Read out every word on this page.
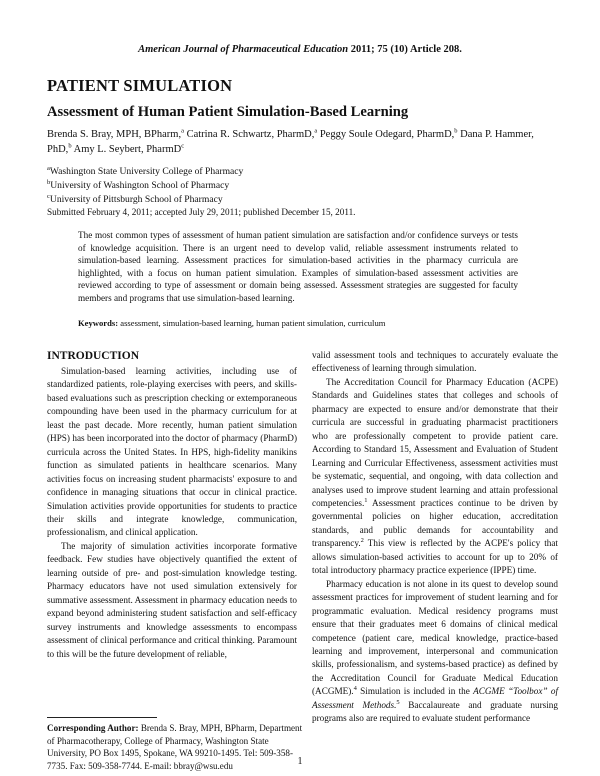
American Journal of Pharmaceutical Education 2011; 75 (10) Article 208.
PATIENT SIMULATION
Assessment of Human Patient Simulation-Based Learning
Brenda S. Bray, MPH, BPharm,$^a$ Catrina R. Schwartz, PharmD,$^a$ Peggy Soule Odegard, PharmD,$^b$ Dana P. Hammer, PhD,$^b$ Amy L. Seybert, PharmD$^c$
$^a$Washington State University College of Pharmacy
$^b$University of Washington School of Pharmacy
$^c$University of Pittsburgh School of Pharmacy
Submitted February 4, 2011; accepted July 29, 2011; published December 15, 2011.
The most common types of assessment of human patient simulation are satisfaction and/or confidence surveys or tests of knowledge acquisition. There is an urgent need to develop valid, reliable assessment instruments related to simulation-based learning. Assessment practices for simulation-based activities in the pharmacy curricula are highlighted, with a focus on human patient simulation. Examples of simulation-based assessment activities are reviewed according to type of assessment or domain being assessed. Assessment strategies are suggested for faculty members and programs that use simulation-based learning.
Keywords: assessment, simulation-based learning, human patient simulation, curriculum
INTRODUCTION

Simulation-based learning activities, including use of standardized patients, role-playing exercises with peers, and skills-based evaluations such as prescription checking or extemporaneous compounding have been used in the pharmacy curriculum for at least the past decade. More recently, human patient simulation (HPS) has been incorporated into the doctor of pharmacy (PharmD) curricula across the United States. In HPS, high-fidelity manikins function as simulated patients in healthcare scenarios. Many activities focus on increasing student pharmacists' exposure to and confidence in managing situations that occur in clinical practice. Simulation activities provide opportunities for students to practice their skills and integrate knowledge, communication, professionalism, and clinical application.

The majority of simulation activities incorporate formative feedback. Few studies have objectively quantified the extent of learning outside of pre- and post-simulation knowledge testing. Pharmacy educators have not used simulation extensively for summative assessment. Assessment in pharmacy education needs to expand beyond administering student satisfaction and self-efficacy survey instruments and knowledge assessments to encompass assessment of clinical performance and critical thinking. Paramount to this will be the future development of reliable,

valid assessment tools and techniques to accurately evaluate the effectiveness of learning through simulation.

The Accreditation Council for Pharmacy Education (ACPE) Standards and Guidelines states that colleges and schools of pharmacy are expected to ensure and/or demonstrate that their curricula are successful in graduating pharmacist practitioners who are professionally competent to provide patient care. According to Standard 15, Assessment and Evaluation of Student Learning and Curricular Effectiveness, assessment activities must be systematic, sequential, and ongoing, with data collection and analyses used to improve student learning and attain professional competencies.$^1$ Assessment practices continue to be driven by governmental policies on higher education, accreditation standards, and public demands for accountability and transparency.$^2$ This view is reflected by the ACPE's policy that allows simulation-based activities to account for up to 20% of total introductory pharmacy practice experience (IPPE) time.

Pharmacy education is not alone in its quest to develop sound assessment practices for improvement of student learning and for programmatic evaluation. Medical residency programs must ensure that their graduates meet 6 domains of clinical medical competence (patient care, medical knowledge, practice-based learning and improvement, interpersonal and communication skills, professionalism, and systems-based practice) as defined by the Accreditation Council for Graduate Medical Education (ACGME).$^4$ Simulation is included in the ACGME “Toolbox” of Assessment Methods.$^5$ Baccalaureate and graduate nursing programs also are required to evaluate student performance

Corresponding Author: Brenda S. Bray, MPH, BPharm, Department of Pharmacotherapy, College of Pharmacy, Washington State University, PO Box 1495, Spokane, WA 99210-1495. Tel: 509-358-7735. Fax: 509-358-7744. E-mail: bbray@wsu.edu	1
